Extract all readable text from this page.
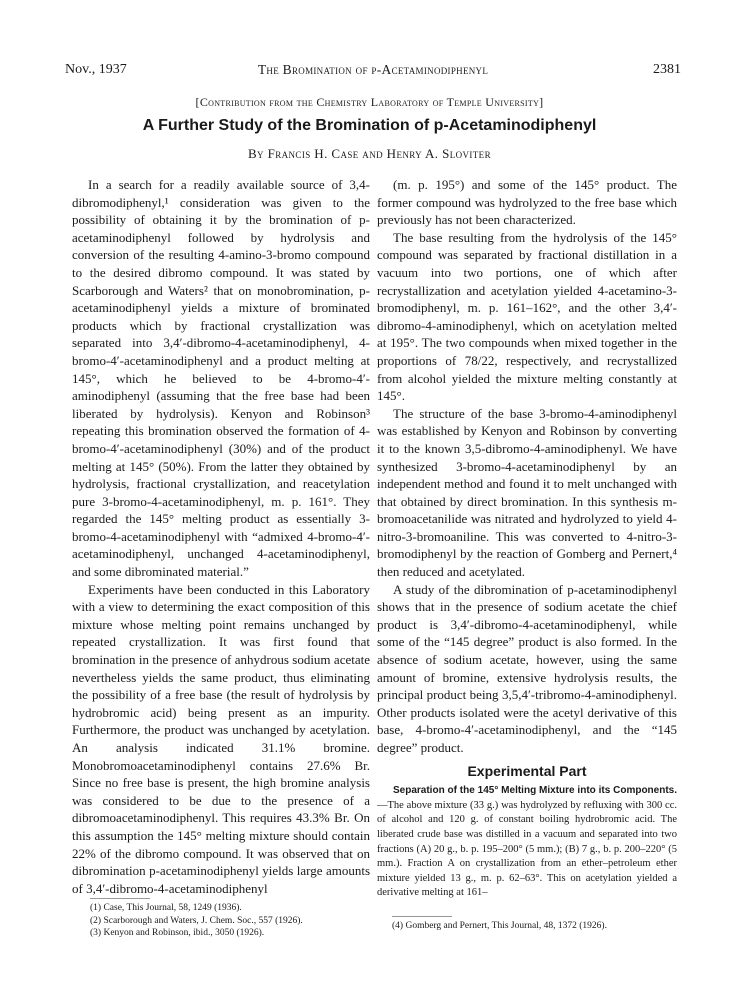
Nov., 1937	The Bromination of p-Acetaminodiphenyl	2381
[Contribution from the Chemistry Laboratory of Temple University]
A Further Study of the Bromination of p-Acetaminodiphenyl
By Francis H. Case and Henry A. Sloviter

In a search for a readily available source of 3,4-dibromodiphenyl,¹ consideration was given to the possibility of obtaining it by the bromination of p-acetaminodiphenyl followed by hydrolysis and conversion of the resulting 4-amino-3-bromo compound to the desired dibromo compound. It was stated by Scarborough and Waters² that on monobromination, p-acetaminodiphenyl yields a mixture of brominated products which by fractional crystallization was separated into 3,4′-dibromo-4-acetaminodiphenyl, 4-bromo-4′-acetaminodiphenyl and a product melting at 145°, which he believed to be 4-bromo-4′-aminodiphenyl (assuming that the free base had been liberated by hydrolysis). Kenyon and Robinson³ repeating this bromination observed the formation of 4-bromo-4′-acetaminodiphenyl (30%) and of the product melting at 145° (50%). From the latter they obtained by hydrolysis, fractional crystallization, and reacetylation pure 3-bromo-4-acetaminodiphenyl, m. p. 161°. They regarded the 145° melting product as essentially 3-bromo-4-acetaminodiphenyl with “admixed 4-bromo-4′-acetaminodiphenyl, unchanged 4-acetaminodiphenyl, and some dibrominated material.”

Experiments have been conducted in this Laboratory with a view to determining the exact composition of this mixture whose melting point remains unchanged by repeated crystallization. It was first found that bromination in the presence of anhydrous sodium acetate nevertheless yields the same product, thus eliminating the possibility of a free base (the result of hydrolysis by hydrobromic acid) being present as an impurity. Furthermore, the product was unchanged by acetylation. An analysis indicated 31.1% bromine. Monobromoacetaminodiphenyl contains 27.6% Br. Since no free base is present, the high bromine analysis was considered to be due to the presence of a dibromoacetaminodiphenyl. This requires 43.3% Br. On this assumption the 145° melting mixture should contain 22% of the dibromo compound. It was observed that on dibromination p-acetaminodiphenyl yields large amounts of 3,4′-dibromo-4-acetaminodiphenyl

(m. p. 195°) and some of the 145° product. The former compound was hydrolyzed to the free base which previously has not been characterized.

The base resulting from the hydrolysis of the 145° compound was separated by fractional distillation in a vacuum into two portions, one of which after recrystallization and acetylation yielded 4-acetamino-3-bromodiphenyl, m. p. 161–162°, and the other 3,4′-dibromo-4-aminodiphenyl, which on acetylation melted at 195°. The two compounds when mixed together in the proportions of 78/22, respectively, and recrystallized from alcohol yielded the mixture melting constantly at 145°.

The structure of the base 3-bromo-4-aminodiphenyl was established by Kenyon and Robinson by converting it to the known 3,5-dibromo-4-aminodiphenyl. We have synthesized 3-bromo-4-acetaminodiphenyl by an independent method and found it to melt unchanged with that obtained by direct bromination. In this synthesis m-bromoacetanilide was nitrated and hydrolyzed to yield 4-nitro-3-bromoaniline. This was converted to 4-nitro-3-bromodiphenyl by the reaction of Gomberg and Pernert,⁴ then reduced and acetylated.

A study of the dibromination of p-acetaminodiphenyl shows that in the presence of sodium acetate the chief product is 3,4′-dibromo-4-acetaminodiphenyl, while some of the “145 degree” product is also formed. In the absence of sodium acetate, however, using the same amount of bromine, extensive hydrolysis results, the principal product being 3,5,4′-tribromo-4-aminodiphenyl. Other products isolated were the acetyl derivative of this base, 4-bromo-4′-acetaminodiphenyl, and the “145 degree” product.

Experimental Part

Separation of the 145° Melting Mixture into its Components.—The above mixture (33 g.) was hydrolyzed by refluxing with 300 cc. of alcohol and 120 g. of constant boiling hydrobromic acid. The liberated crude base was distilled in a vacuum and separated into two fractions (A) 20 g., b. p. 195–200° (5 mm.); (B) 7 g., b. p. 200–220° (5 mm.). Fraction A on crystallization from an ether–petroleum ether mixture yielded 13 g., m. p. 62–63°. This on acetylation yielded a derivative melting at 161–

(1) Case, This Journal, 58, 1249 (1936).
(2) Scarborough and Waters, J. Chem. Soc., 557 (1926).
(3) Kenyon and Robinson, ibid., 3050 (1926).
(4) Gomberg and Pernert, This Journal, 48, 1372 (1926).
